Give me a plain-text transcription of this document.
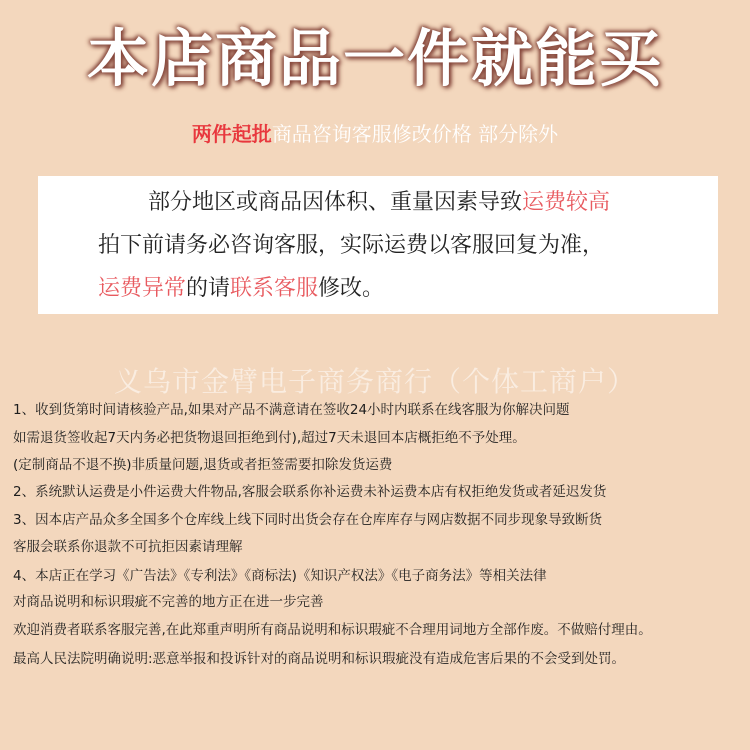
本店商品一件就能买
两件起批商品咨询客服修改价格 部分除外
部分地区或商品因体积、重量因素导致运费较高
拍下前请务必咨询客服，实际运费以客服回复为准，
运费异常的请联系客服修改。
义乌市金臂电子商务商行（个体工商户）
1、收到货第时间请核验产品,如果对产品不满意请在签收24小时内联系在线客服为你解决问题
如需退货签收起7天内务必把货物退回拒绝到付),超过7天未退回本店概拒绝不予处理。
(定制商品不退不换)非质量问题,退货或者拒签需要扣除发货运费
2、系统默认运费是小件运费大件物品,客服会联系你补运费未补运费本店有权拒绝发货或者延迟发货
3、因本店产品众多全国多个仓库线上线下同时出货会存在仓库库存与网店数据不同步现象导致断货
客服会联系你退款不可抗拒因素请理解
4、本店正在学习《广告法》《专利法》《商标法)《知识产权法》《电子商务法》等相关法律
对商品说明和标识瑕疵不完善的地方正在进一步完善
欢迎消费者联系客服完善,在此郑重声明所有商品说明和标识瑕疵不合理用词地方全部作废。不做赔付理由。
最高人民法院明确说明:恶意举报和投诉针对的商品说明和标识瑕疵没有造成危害后果的不会受到处罚。
